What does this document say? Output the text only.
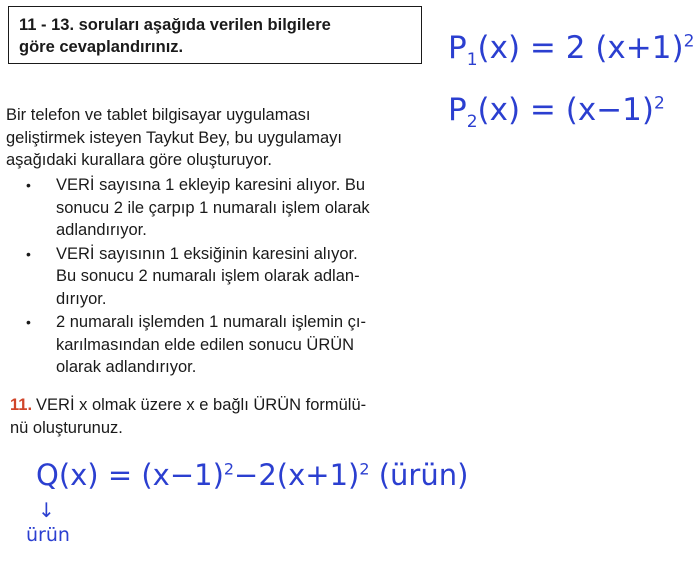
11 - 13. soruları aşağıda verilen bilgilere
göre cevaplandırınız.
Bir telefon ve tablet bilgisayar uygulaması
geliştirmek isteyen Taykut Bey, bu uygulamayı
aşağıdaki kurallara göre oluşturuyor.
• VERİ sayısına 1 ekleyip karesini alıyor. Bu
sonucu 2 ile çarpıp 1 numaralı işlem olarak
adlandırıyor.
• VERİ sayısının 1 eksiğinin karesini alıyor.
Bu sonucu 2 numaralı işlem olarak adlan-
dırıyor.
• 2 numaralı işlemden 1 numaralı işlemin çı-
karılmasından elde edilen sonucu ÜRÜN
olarak adlandırıyor.
11. VERİ x olmak üzere x e bağlı ÜRÜN formülü-
nü oluşturunuz.
$P_1(x) = 2$ $(x+1)^2$
$P_2(x) = (x-1)^2$
$Q(x) = (x-1)^2-2(x+1)^2$ (ürün)
↓
ürün
